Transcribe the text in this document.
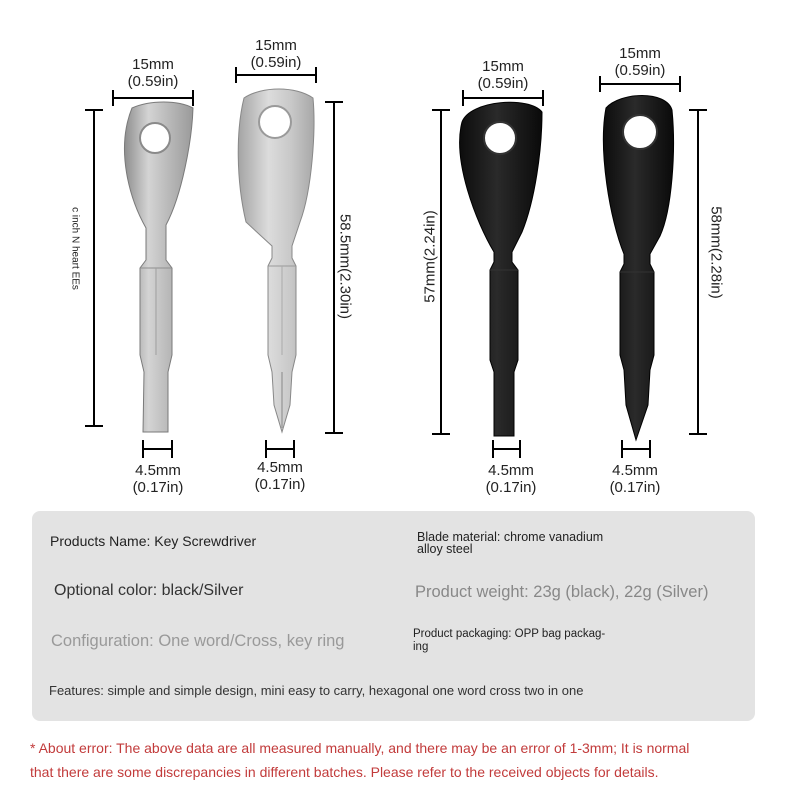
15mm
(0.59in)
15mm
(0.59in)	15mm
(0.59in)
15mm
(0.59in)
4.5mm
(0.17in)
4.5mm
(0.17in)
4.5mm
(0.17in)
4.5mm
(0.17in)
c inch N heart EEs	58.5mm(2.30in)	57mm(2.24in)	58mm(2.28in)
Products Name: Key Screwdriver	Blade material: chrome vanadium
alloy steel
Optional color: black/Silver	Product weight: 23g (black), 22g (Silver)
Configuration: One word/Cross, key ring	Product packaging: OPP bag packag-
ing
Features: simple and simple design, mini easy to carry, hexagonal one word cross two in one
* About error: The above data are all measured manually, and there may be an error of 1-3mm; It is normal
that there are some discrepancies in different batches. Please refer to the received objects for details.
